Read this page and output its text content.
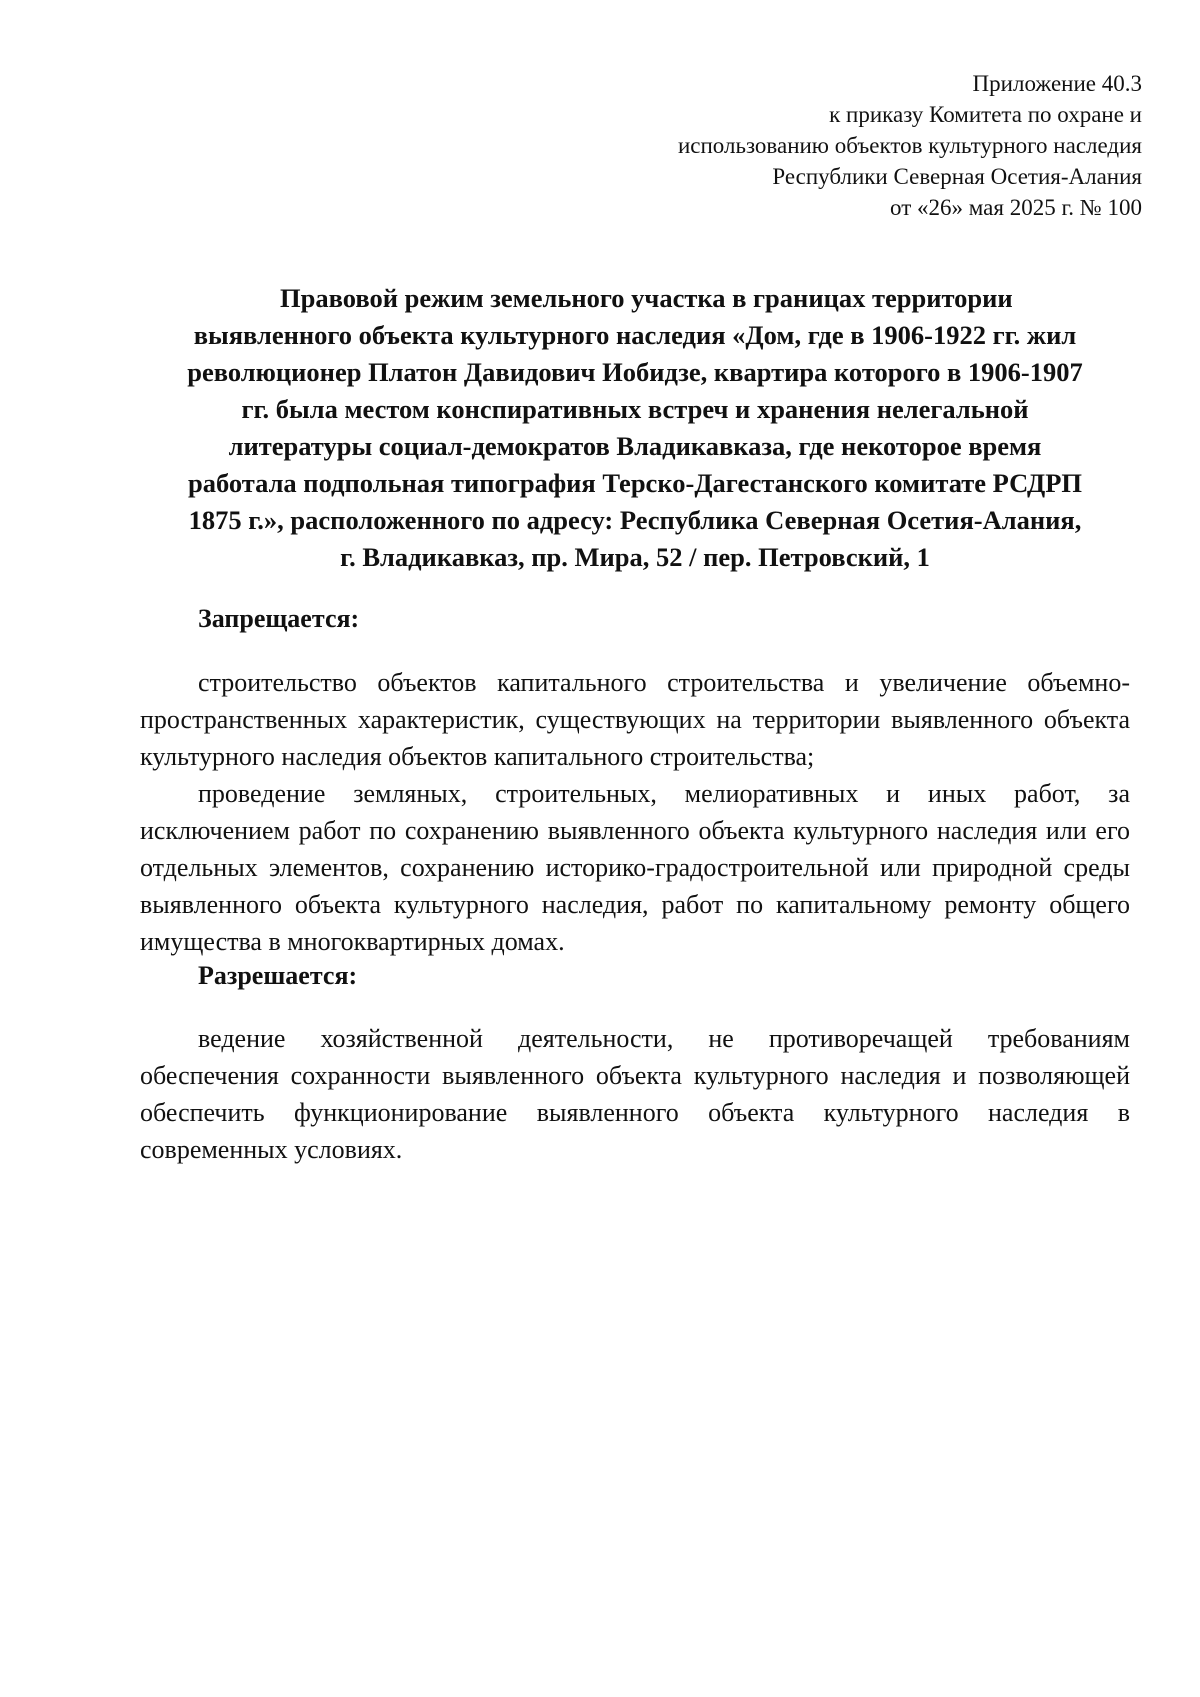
Приложение 40.3
к приказу Комитета по охране и
использованию объектов культурного наследия
Республики Северная Осетия-Алания
от «26» мая 2025 г. № 100
Правовой режим земельного участка в границах территории
выявленного объекта культурного наследия «Дом, где в 1906-1922 гг. жил
революционер Платон Давидович Иобидзе, квартира которого в 1906-1907
гг. была местом конспиративных встреч и хранения нелегальной
литературы социал-демократов Владикавказа, где некоторое время
работала подпольная типография Терско-Дагестанского комитате РСДРП
1875 г.», расположенного по адресу: Республика Северная Осетия-Алания,
г. Владикавказ, пр. Мира, 52 / пер. Петровский, 1
Запрещается:

строительство объектов капитального строительства и увеличение объемно-пространственных характеристик, существующих на территории выявленного объекта культурного наследия объектов капитального строительства;

проведение земляных, строительных, мелиоративных и иных работ, за исключением работ по сохранению выявленного объекта культурного наследия или его отдельных элементов, сохранению историко-градостроительной или природной среды выявленного объекта культурного наследия, работ по капитальному ремонту общего имущества в многоквартирных домах.

Разрешается:

ведение хозяйственной деятельности, не противоречащей требованиям обеспечения сохранности выявленного объекта культурного наследия и позволяющей обеспечить функционирование выявленного объекта культурного наследия в современных условиях.
